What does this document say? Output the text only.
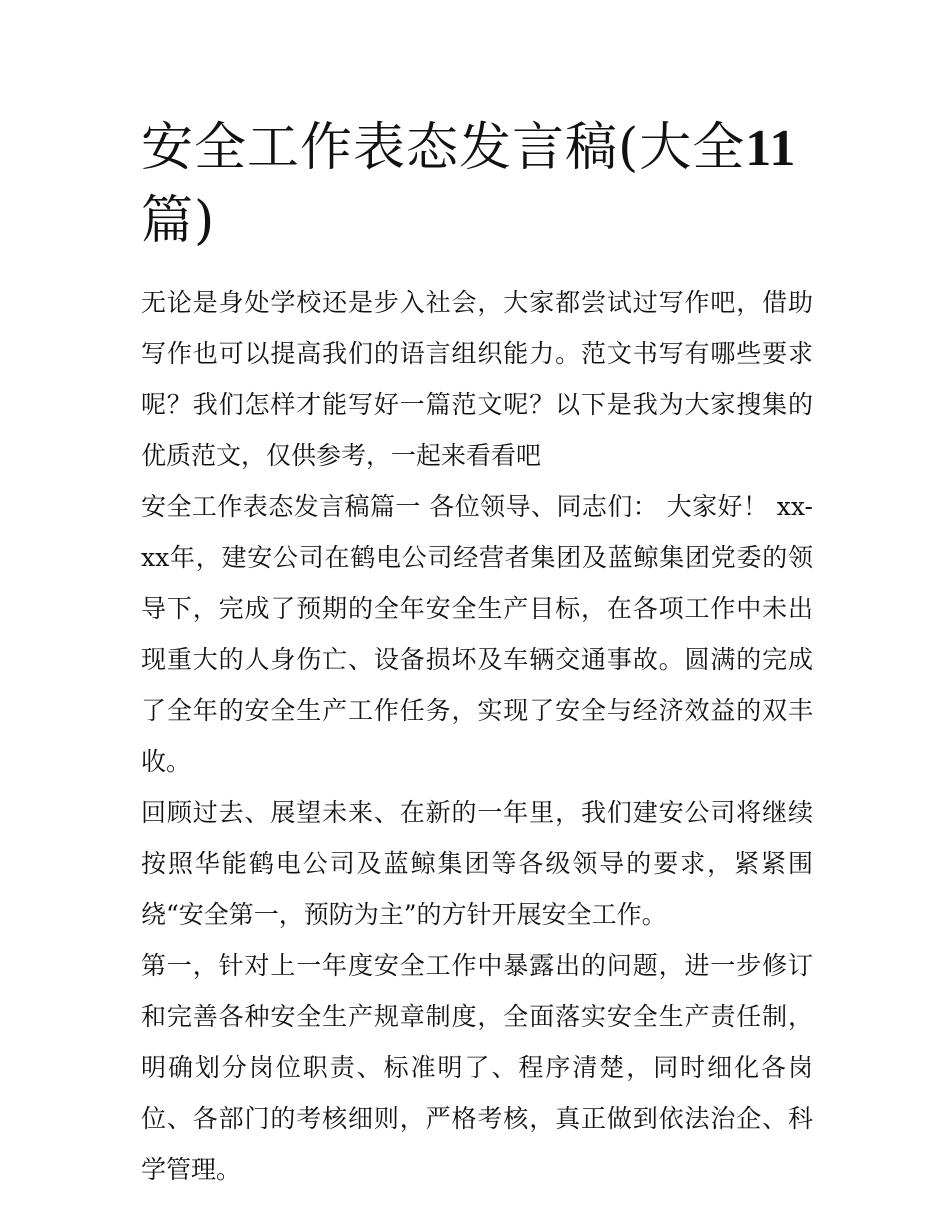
安全工作表态发言稿(大全11
篇)

无论是身处学校还是步入社会，大家都尝试过写作吧，借助写作也可以提高我们的语言组织能力。范文书写有哪些要求呢？我们怎样才能写好一篇范文呢？以下是我为大家搜集的优质范文，仅供参考，一起来看看吧

安全工作表态发言稿篇一 各位领导、同志们： 大家好！ xx-xx年，建安公司在鹤电公司经营者集团及蓝鲸集团党委的领导下，完成了预期的全年安全生产目标，在各项工作中未出现重大的人身伤亡、设备损坏及车辆交通事故。圆满的完成了全年的安全生产工作任务，实现了安全与经济效益的双丰收。

回顾过去、展望未来、在新的一年里，我们建安公司将继续按照华能鹤电公司及蓝鲸集团等各级领导的要求，紧紧围绕“安全第一，预防为主”的方针开展安全工作。

第一，针对上一年度安全工作中暴露出的问题，进一步修订和完善各种安全生产规章制度，全面落实安全生产责任制，明确划分岗位职责、标准明了、程序清楚，同时细化各岗位、各部门的考核细则，严格考核，真正做到依法治企、科学管理。
